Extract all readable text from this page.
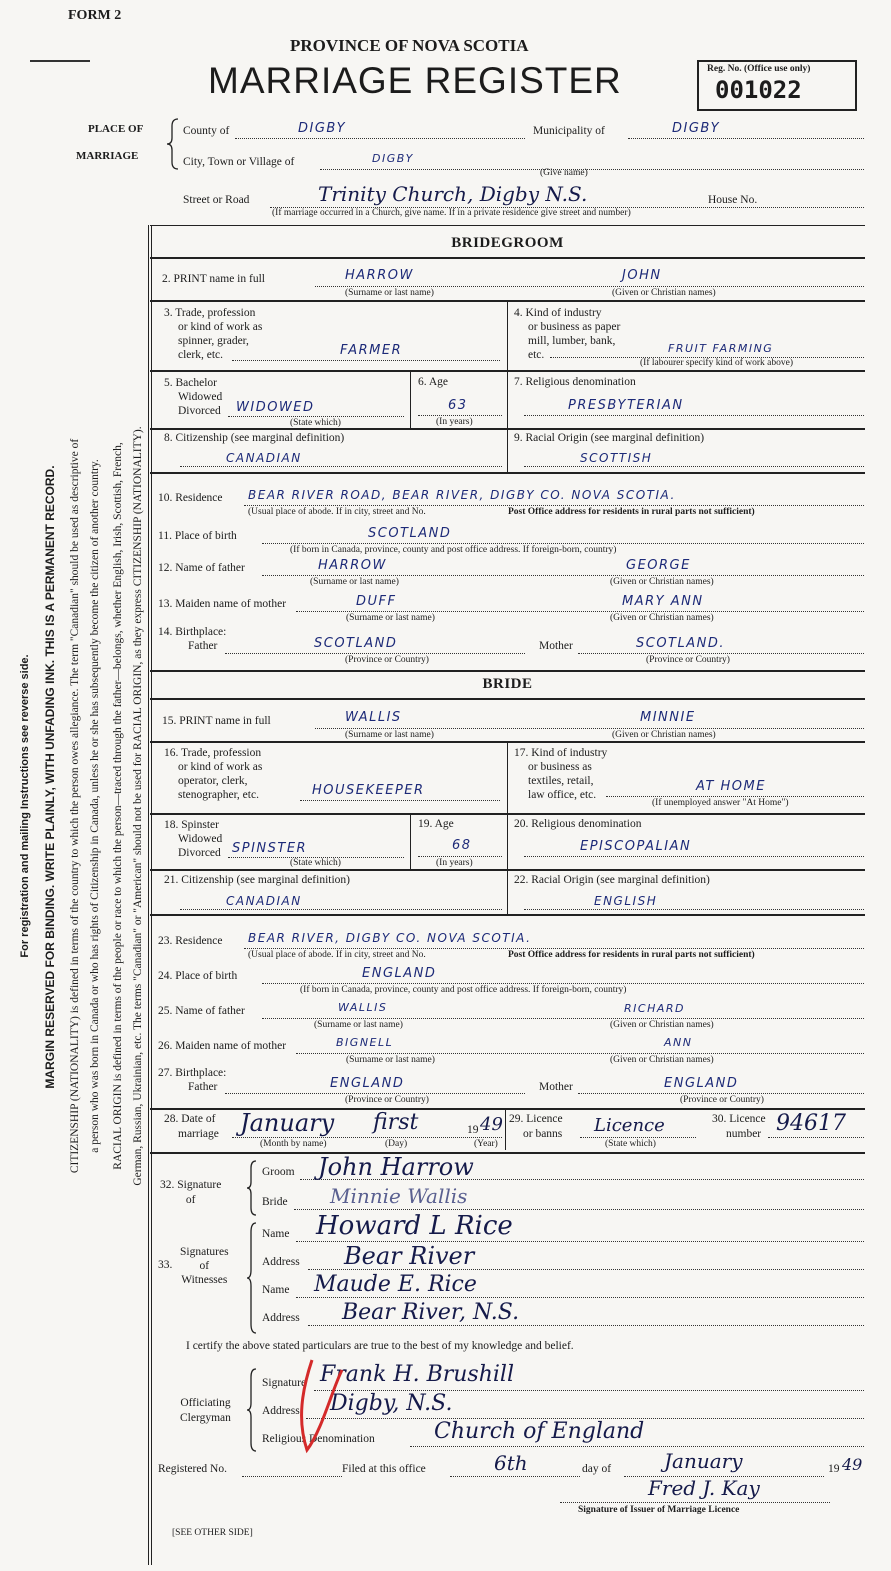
FORM 2
PROVINCE OF NOVA SCOTIA
MARRIAGE REGISTER	Reg. No. (Office use only)
001022
For registration and mailing Instructions see reverse side. MARGIN RESERVED FOR BINDING. WRITE PLAINLY, WITH UNFADING INK. THIS IS A PERMANENT RECORD. CITIZENSHIP (NATIONALITY) is defined in terms of the country to which the person owes allegiance. The term "Canadian" should be used as descriptive of a person who was born in Canada or who has rights of Citizenship in Canada, unless he or she has subsequently become the citizen of another country. RACIAL ORIGIN is defined in terms of the people or race to which the person—traced through the father—belongs, whether English, Irish, Scottish, French, German, Russian, Ukrainian, etc. The terms "Canadian" or "American" should not be used for RACIAL ORIGIN, as they express CITIZENSHIP (NATIONALITY).
PLACE OF
MARRIAGE
County of	DIGBY	Municipality of	DIGBY
City, Town or Village of	DIGBY
(Give name)
Street or Road	Trinity Church, Digby N.S.	House No.
(If marriage occurred in a Church, give name. If in a private residence give street and number)
BRIDEGROOM
2. PRINT name in full	HARROW	JOHN
(Surname or last name)	(Given or Christian names)
3. Trade, profession
or kind of work as
spinner, grader,
clerk, etc.	FARMER
4. Kind of industry
or business as paper
mill, lumber, bank,
etc.	FRUIT FARMING
(If labourer specify kind of work above)
5. Bachelor
Widowed
Divorced WIDOWED
(State which)
6. Age
63
(In years)
7. Religious denomination
PRESBYTERIAN
8. Citizenship (see marginal definition)
CANADIAN
9. Racial Origin (see marginal definition)
SCOTTISH
10. Residence BEAR RIVER ROAD, BEAR RIVER, DIGBY CO. NOVA SCOTIA.
(Usual place of abode. If in city, street and No.	Post Office address for residents in rural parts not sufficient)
11. Place of birth	SCOTLAND
(If born in Canada, province, county and post office address. If foreign-born, country)
12. Name of father	HARROW	GEORGE
(Surname or last name)	(Given or Christian names)
13. Maiden name of mother	DUFF	MARY ANN
(Surname or last name)	(Given or Christian names)
14. Birthplace:
Father	SCOTLAND
(Province or Country)
Mother	SCOTLAND.
(Province or Country)
BRIDE
15. PRINT name in full	WALLIS	MINNIE
(Surname or last name)	(Given or Christian names)
16. Trade, profession
or kind of work as
operator, clerk,
stenographer, etc.	HOUSEKEEPER
17. Kind of industry
or business as
textiles, retail,
law office, etc.
AT HOME
(If unemployed answer "At Home")
18. Spinster
Widowed
Divorced SPINSTER
(State which)
19. Age
68
(In years)
20. Religious denomination
EPISCOPALIAN
21. Citizenship (see marginal definition)
CANADIAN
22. Racial Origin (see marginal definition)
ENGLISH
23. Residence BEAR RIVER, DIGBY CO. NOVA SCOTIA.
(Usual place of abode. If in city, street and No.	Post Office address for residents in rural parts not sufficient)
24. Place of birth	ENGLAND
(If born in Canada, province, county and post office address. If foreign-born, country)
25. Name of father	WALLIS	RICHARD
(Surname or last name)	(Given or Christian names)
26. Maiden name of mother	BIGNELL	ANN
(Surname or last name)	(Given or Christian names)
27. Birthplace:
Father	ENGLAND
(Province or Country)
Mother	ENGLAND
(Province or Country)
28. Date of
marriage January first	19 49
(Month by name)	(Day)	(Year)
29. Licence
or banns Licence
(State which)
30. Licence
number 94617
32. Signature
of
Groom John Harrow
Bride Minnie Wallis
33.
Signatures
of
Witnesses
Name Howard L Rice
Address Bear River
Name Maude E. Rice
Address Bear River, N.S.
I certify the above stated particulars are true to the best of my knowledge and belief.
Officiating
Clergyman
Signature Frank H. Brushill
Address Digby, N.S.
Religious Denomination	Church of England
Registered No.	Filed at this office	6th	day of	January	19 49
Fred J. Kay
Signature of Issuer of Marriage Licence
[SEE OTHER SIDE]
